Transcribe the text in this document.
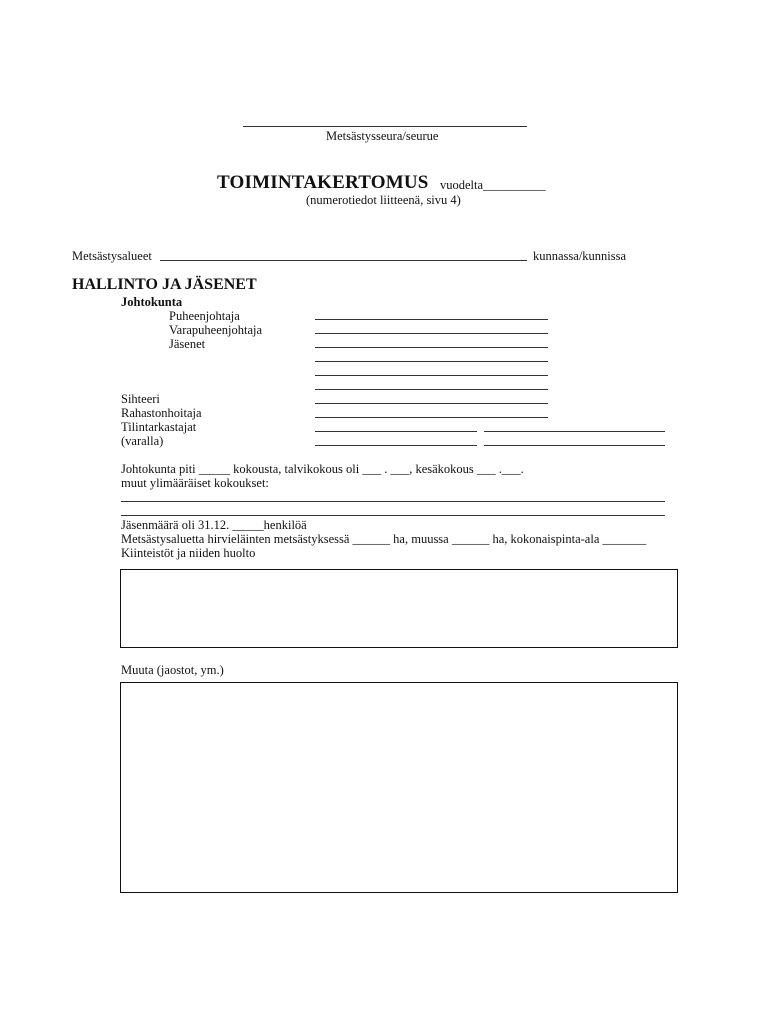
Metsästysseura/seurue
TOIMINTAKERTOMUS vuodelta__________
(numerotiedot liitteenä, sivu 4)
Metsästysalueet	kunnassa/kunnissa
HALLINTO JA JÄSENET
Johtokunta
Puheenjohtaja
Varapuheenjohtaja
Jäsenet
Sihteeri
Rahastonhoitaja
Tilintarkastajat
(varalla)
Johtokunta piti _____ kokousta, talvikokous oli ___ . ___, kesäkokous ___ .___.
muut ylimääräiset kokoukset:
Jäsenmäärä oli 31.12. _____henkilöä
Metsästysaluetta hirvieläinten metsästyksessä ______ ha, muussa ______ ha, kokonaispinta-ala _______
Kiinteistöt ja niiden huolto
Muuta (jaostot, ym.)
